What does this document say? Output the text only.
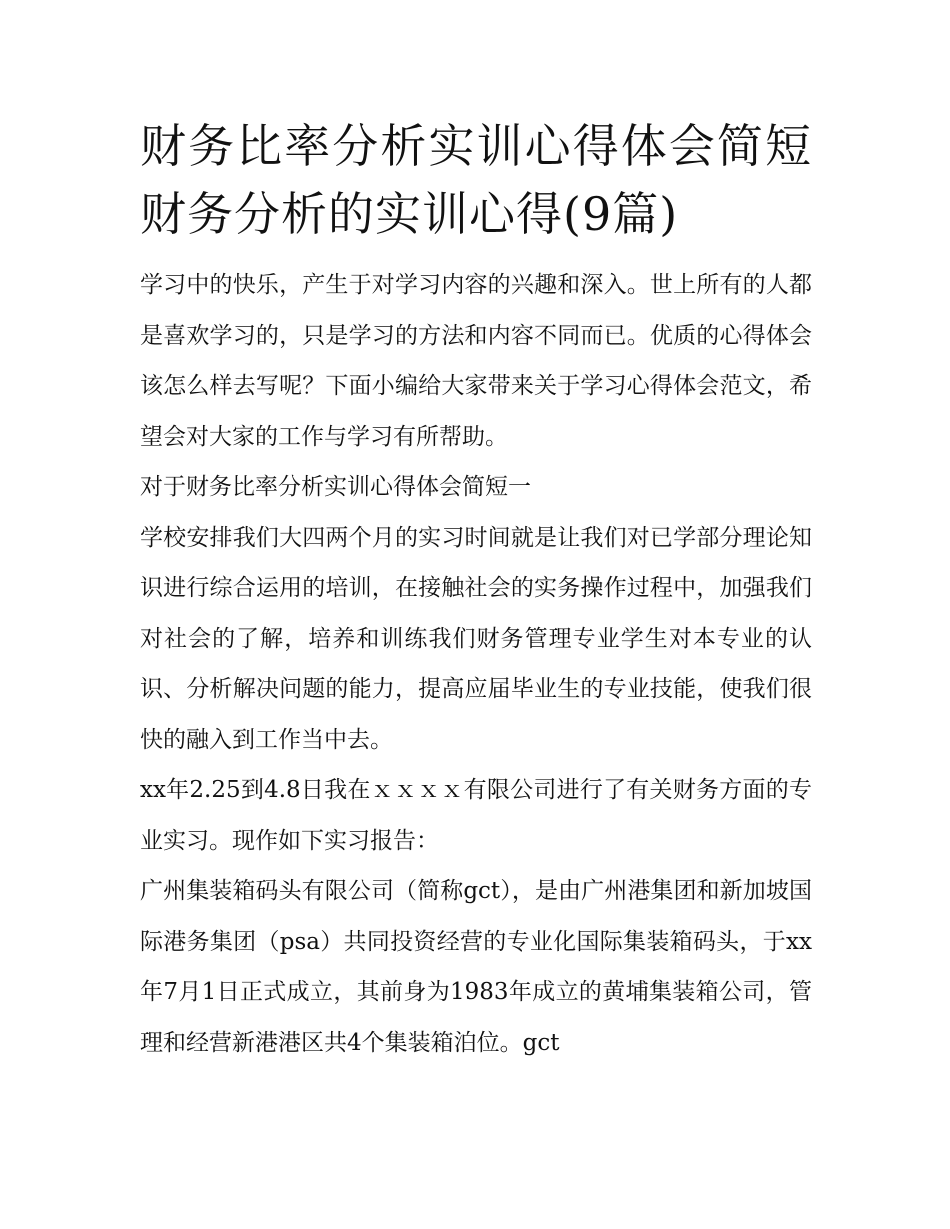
财务比率分析实训心得体会简短 财务分析的实训心得(9篇)

学习中的快乐，产生于对学习内容的兴趣和深入。世上所有的人都是喜欢学习的，只是学习的方法和内容不同而已。优质的心得体会该怎么样去写呢？下面小编给大家带来关于学习心得体会范文，希望会对大家的工作与学习有所帮助。

对于财务比率分析实训心得体会简短一

学校安排我们大四两个月的实习时间就是让我们对已学部分理论知识进行综合运用的培训，在接触社会的实务操作过程中，加强我们对社会的了解，培养和训练我们财务管理专业学生对本专业的认识、分析解决问题的能力，提高应届毕业生的专业技能，使我们很快的融入到工作当中去。

xx年2.25到4.8日我在ｘｘｘｘ有限公司进行了有关财务方面的专业实习。现作如下实习报告：

广州集装箱码头有限公司（简称gct），是由广州港集团和新加坡国际港务集团（psa）共同投资经营的专业化国际集装箱码头，于xx年7月1日正式成立，其前身为1983年成立的黄埔集装箱公司，管理和经营新港港区共4个集装箱泊位。gct
